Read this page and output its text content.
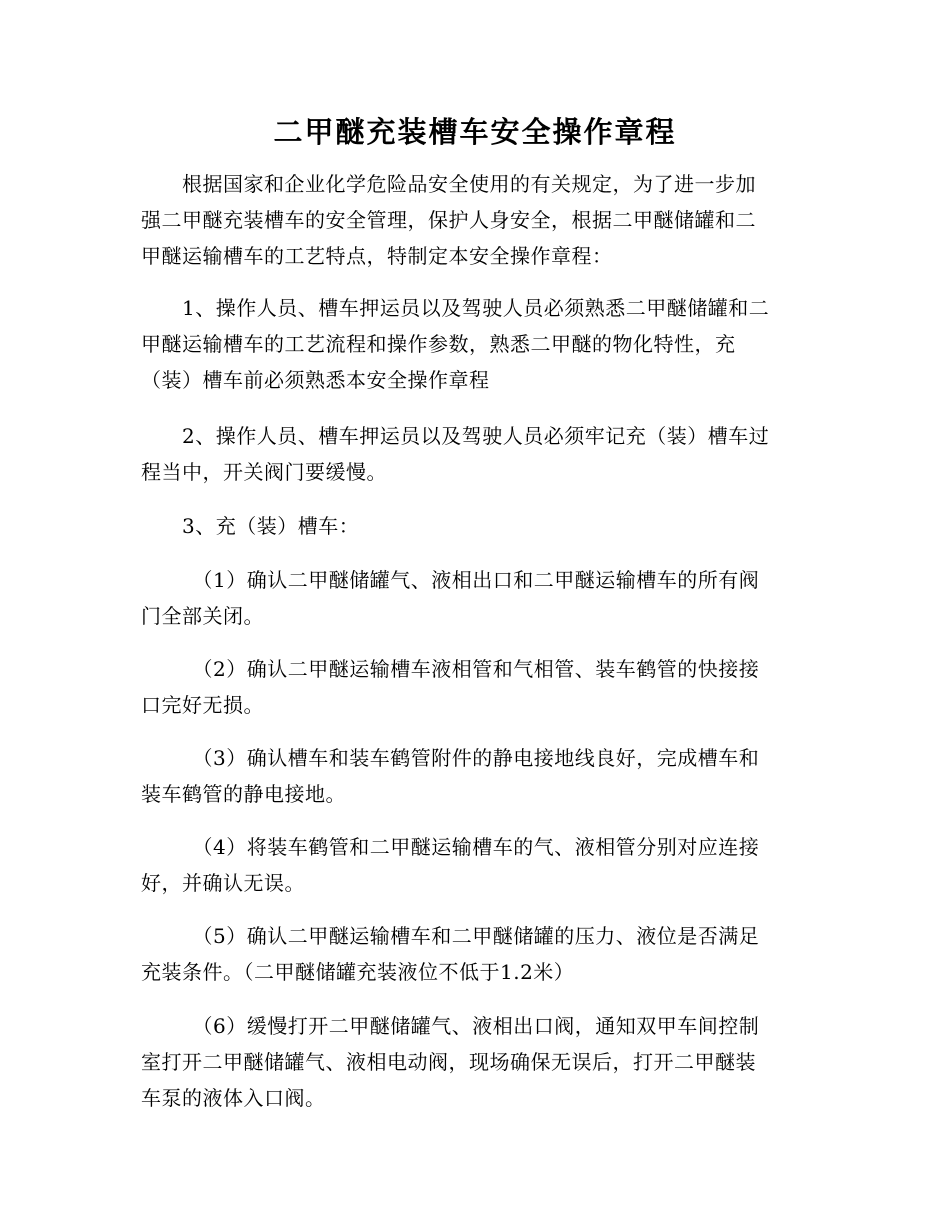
二甲醚充装槽车安全操作章程
　　根据国家和企业化学危险品安全使用的有关规定，为了进一步加
强二甲醚充装槽车的安全管理，保护人身安全，根据二甲醚储罐和二
甲醚运输槽车的工艺特点，特制定本安全操作章程：
　　1、操作人员、槽车押运员以及驾驶人员必须熟悉二甲醚储罐和二
甲醚运输槽车的工艺流程和操作参数，熟悉二甲醚的物化特性，充
（装）槽车前必须熟悉本安全操作章程
　　2、操作人员、槽车押运员以及驾驶人员必须牢记充（装）槽车过
程当中，开关阀门要缓慢。
　　3、充（装）槽车：
　　　（1）确认二甲醚储罐气、液相出口和二甲醚运输槽车的所有阀
门全部关闭。
　　　（2）确认二甲醚运输槽车液相管和气相管、装车鹤管的快接接
口完好无损。
　　　（3）确认槽车和装车鹤管附件的静电接地线良好，完成槽车和
装车鹤管的静电接地。
　　　（4）将装车鹤管和二甲醚运输槽车的气、液相管分别对应连接
好，并确认无误。
　　　（5）确认二甲醚运输槽车和二甲醚储罐的压力、液位是否满足
充装条件。（二甲醚储罐充装液位不低于1.2米）
　　　（6）缓慢打开二甲醚储罐气、液相出口阀，通知双甲车间控制
室打开二甲醚储罐气、液相电动阀，现场确保无误后，打开二甲醚装
车泵的液体入口阀。
